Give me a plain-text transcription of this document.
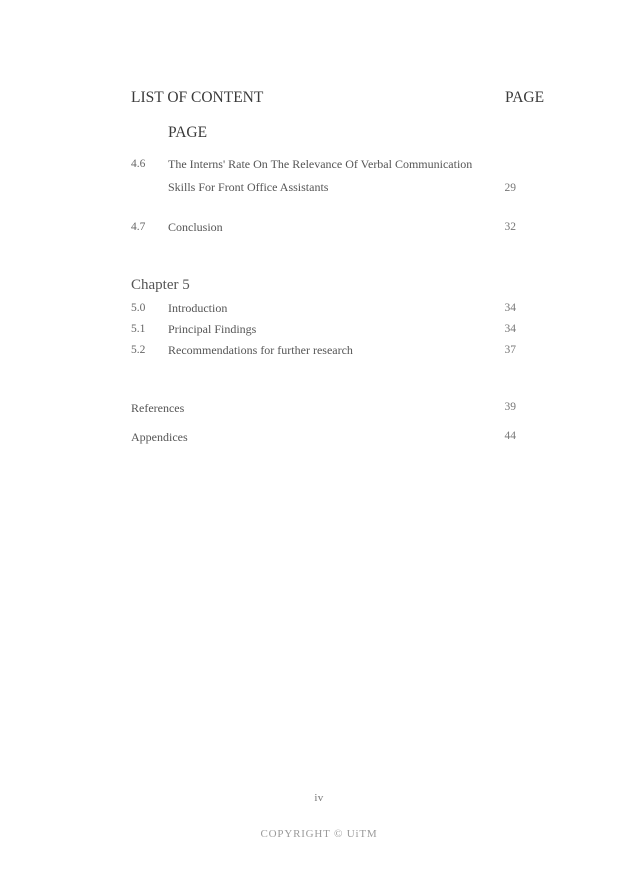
LIST OF CONTENT	PAGE
PAGE
4.6 The Interns' Rate On The Relevance Of Verbal Communication
Skills For Front Office Assistants	29
4.7 Conclusion	32
Chapter 5
5.0 Introduction	34
5.1 Principal Findings	34
5.2 Recommendations for further research	37
References	39
Appendices	44
iv
COPYRIGHT © UiTM
